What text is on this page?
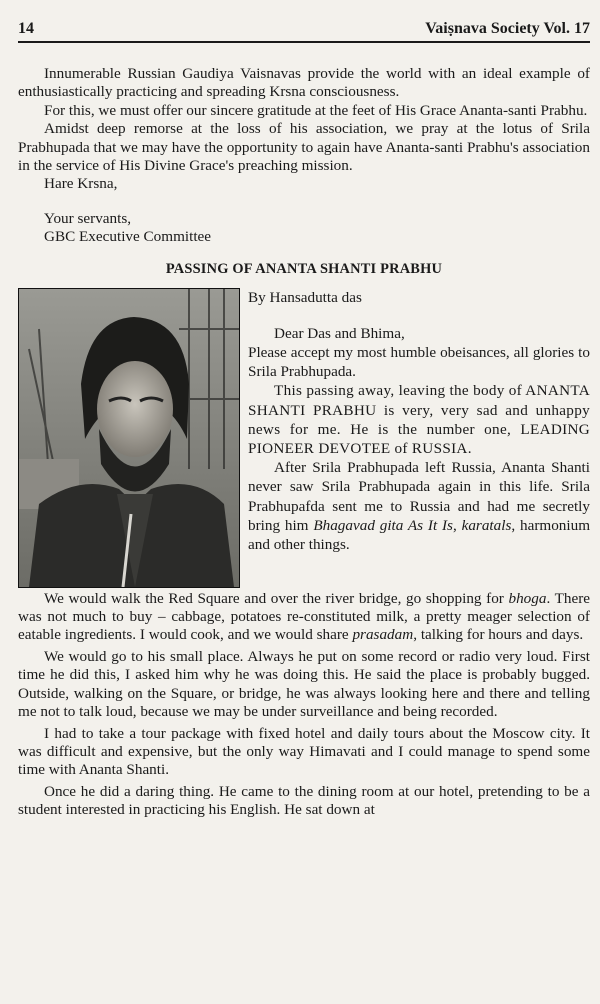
14	Vaiṣnava Society Vol. 17

Innumerable Russian Gaudiya Vaisnavas provide the world with an ideal example of enthusiastically practicing and spreading Krsna consciousness.

For this, we must offer our sincere gratitude at the feet of His Grace Ananta-santi Prabhu.

Amidst deep remorse at the loss of his association, we pray at the lotus of Srila Prabhupada that we may have the opportunity to again have Ananta-santi Prabhu's association in the service of His Divine Grace's preaching mission.

Hare Krsna,

Your servants,

GBC Executive Committee

PASSING OF ANANTA SHANTI PRABHU

By Hansadutta das

Dear Das and Bhima,

Please accept my most humble obeisances, all glories to Srila Prabhupada.

This passing away, leaving the body of ANANTA SHANTI PRABHU is very, very sad and unhappy news for me. He is the number one, LEADING PIONEER DEVOTEE of RUSSIA.

After Srila Prabhupada left Russia, Ananta Shanti never saw Srila Prabhupada again in this life. Srila Prabhupafda sent me to Russia and had me secretly bring him Bhagavad gita As It Is, karatals, harmonium and other things.

We would walk the Red Square and over the river bridge, go shopping for bhoga. There was not much to buy – cabbage, potatoes re-constituted milk, a pretty meager selection of eatable ingredients. I would cook, and we would share prasadam, talking for hours and days.

We would go to his small place. Always he put on some record or radio very loud. First time he did this, I asked him why he was doing this. He said the place is probably bugged. Outside, walking on the Square, or bridge, he was always looking here and there and telling me not to talk loud, because we may be under surveillance and being recorded.

I had to take a tour package with fixed hotel and daily tours about the Moscow city. It was difficult and expensive, but the only way Himavati and I could manage to spend some time with Ananta Shanti.

Once he did a daring thing. He came to the dining room at our hotel, pretending to be a student interested in practicing his English. He sat down at
